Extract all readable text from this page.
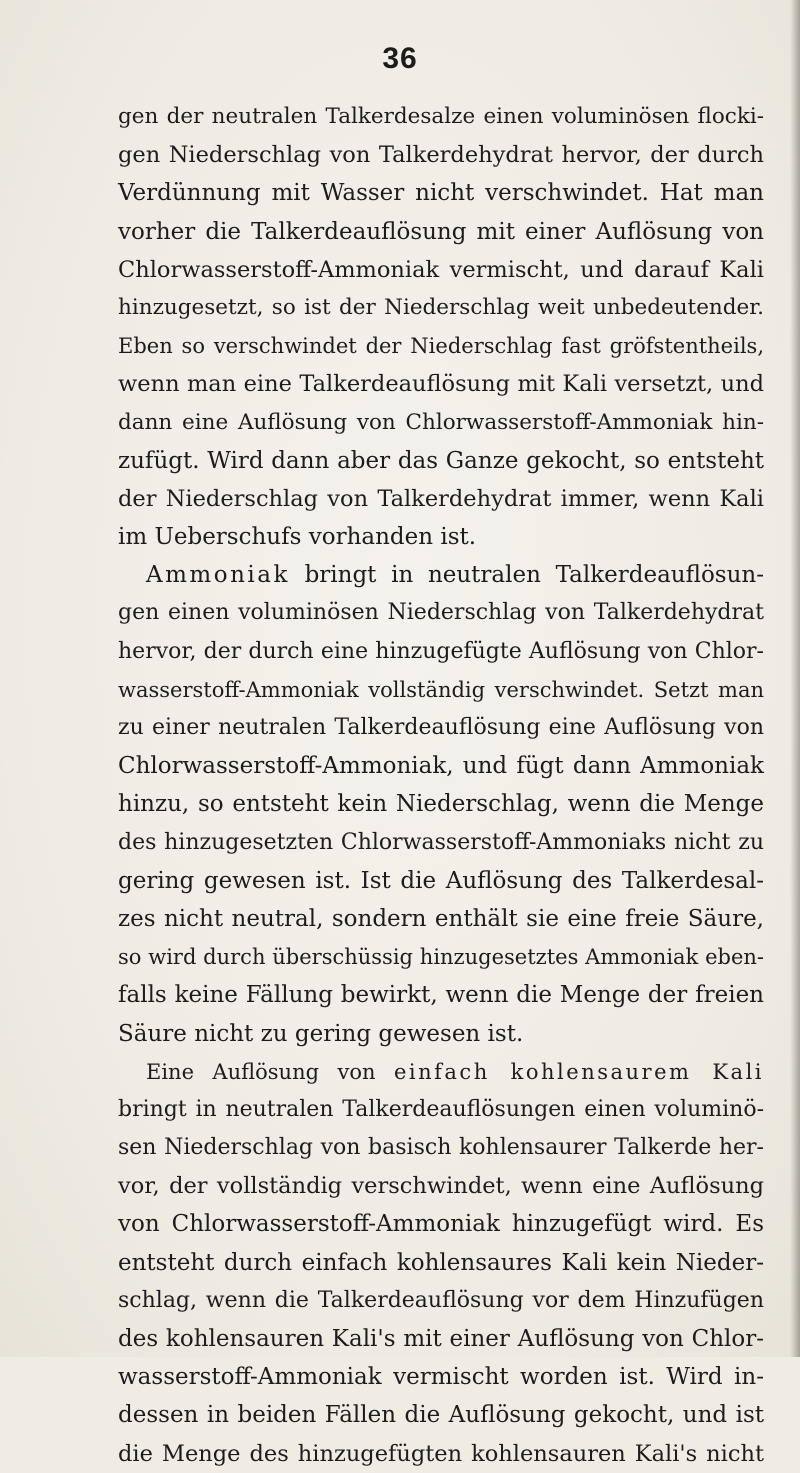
36
gen der neutralen Talkerdesalze einen voluminösen flocki-
gen Niederschlag von Talkerdehydrat hervor, der durch
Verdünnung mit Wasser nicht verschwindet. Hat man
vorher die Talkerdeauflösung mit einer Auflösung von
Chlorwasserstoff-Ammoniak vermischt, und darauf Kali
hinzugesetzt, so ist der Niederschlag weit unbedeutender.
Eben so verschwindet der Niederschlag fast gröfstentheils,
wenn man eine Talkerdeauflösung mit Kali versetzt, und
dann eine Auflösung von Chlorwasserstoff-Ammoniak hin-
zufügt. Wird dann aber das Ganze gekocht, so entsteht
der Niederschlag von Talkerdehydrat immer, wenn Kali
im Ueberschufs vorhanden ist.
Ammoniak bringt in neutralen Talkerdeauflösun-
gen einen voluminösen Niederschlag von Talkerdehydrat
hervor, der durch eine hinzugefügte Auflösung von Chlor-
wasserstoff-Ammoniak vollständig verschwindet. Setzt man
zu einer neutralen Talkerdeauflösung eine Auflösung von
Chlorwasserstoff-Ammoniak, und fügt dann Ammoniak
hinzu, so entsteht kein Niederschlag, wenn die Menge
des hinzugesetzten Chlorwasserstoff-Ammoniaks nicht zu
gering gewesen ist. Ist die Auflösung des Talkerdesal-
zes nicht neutral, sondern enthält sie eine freie Säure,
so wird durch überschüssig hinzugesetztes Ammoniak eben-
falls keine Fällung bewirkt, wenn die Menge der freien
Säure nicht zu gering gewesen ist.
Eine Auflösung von einfach kohlensaurem Kali
bringt in neutralen Talkerdeauflösungen einen voluminö-
sen Niederschlag von basisch kohlensaurer Talkerde her-
vor, der vollständig verschwindet, wenn eine Auflösung
von Chlorwasserstoff-Ammoniak hinzugefügt wird. Es
entsteht durch einfach kohlensaures Kali kein Nieder-
schlag, wenn die Talkerdeauflösung vor dem Hinzufügen
des kohlensauren Kali's mit einer Auflösung von Chlor-
wasserstoff-Ammoniak vermischt worden ist. Wird in-
dessen in beiden Fällen die Auflösung gekocht, und ist
die Menge des hinzugefügten kohlensauren Kali's nicht
